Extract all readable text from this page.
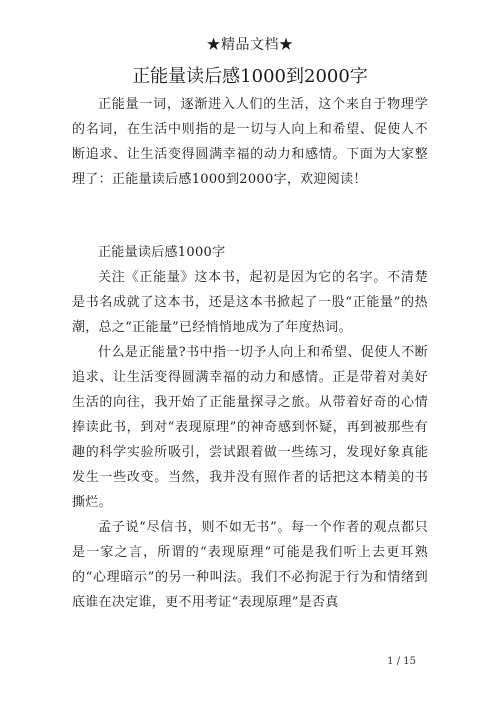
★精品文档★
正能量读后感1000到2000字

正能量一词，逐渐进入人们的生活，这个来自于物理学的名词，在生活中则指的是一切与人向上和希望、促使人不断追求、让生活变得圆满幸福的动力和感情。下面为大家整理了：正能量读后感1000到2000字，欢迎阅读！

正能量读后感1000字

关注《正能量》这本书，起初是因为它的名字。不清楚是书名成就了这本书，还是这本书掀起了一股“正能量”的热潮，总之“正能量”已经悄悄地成为了年度热词。

什么是正能量?书中指一切予人向上和希望、促使人不断追求、让生活变得圆满幸福的动力和感情。正是带着对美好生活的向往，我开始了正能量探寻之旅。从带着好奇的心情捧读此书，到对“表现原理”的神奇感到怀疑，再到被那些有趣的科学实验所吸引，尝试跟着做一些练习，发现好象真能发生一些改变。当然，我并没有照作者的话把这本精美的书撕烂。

孟子说“尽信书，则不如无书”。每一个作者的观点都只是一家之言，所谓的“表现原理”可能是我们听上去更耳熟的“心理暗示”的另一种叫法。我们不必拘泥于行为和情绪到底谁在决定谁，更不用考证“表现原理”是否真

1 / 15
